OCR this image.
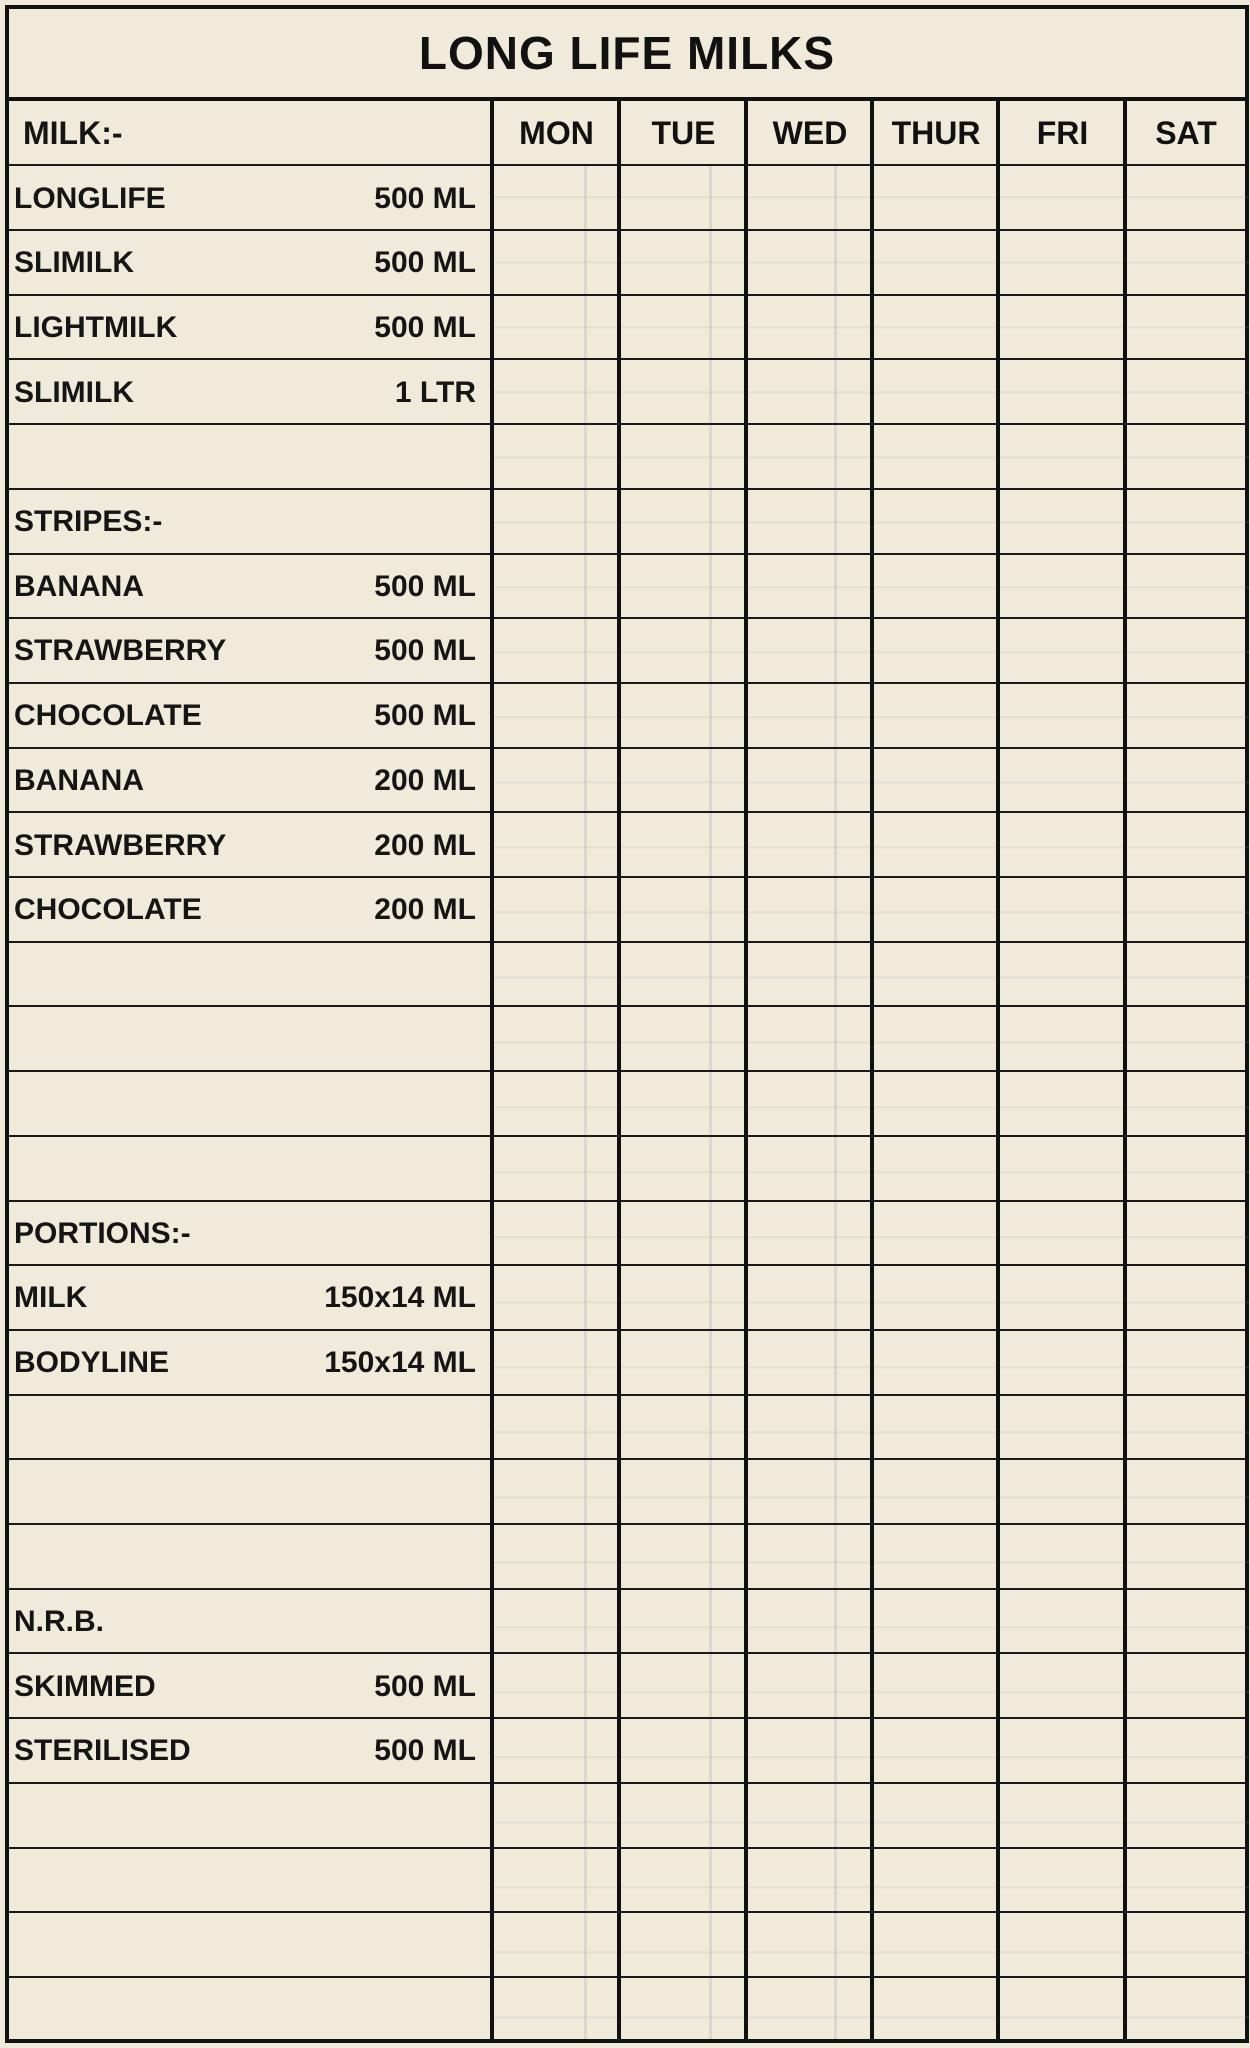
LONG LIFE MILKS
MILK:-	MON	TUE	WED	THUR	FRI	SAT
LONGLIFE	500 ML
SLIMILK	500 ML
LIGHTMILK	500 ML
SLIMILK	1 LTR
STRIPES:-
BANANA	500 ML
STRAWBERRY	500 ML
CHOCOLATE	500 ML
BANANA	200 ML
STRAWBERRY	200 ML
CHOCOLATE	200 ML
PORTIONS:-
MILK	150x14 ML
BODYLINE	150x14 ML
N.R.B.
SKIMMED	500 ML
STERILISED	500 ML
